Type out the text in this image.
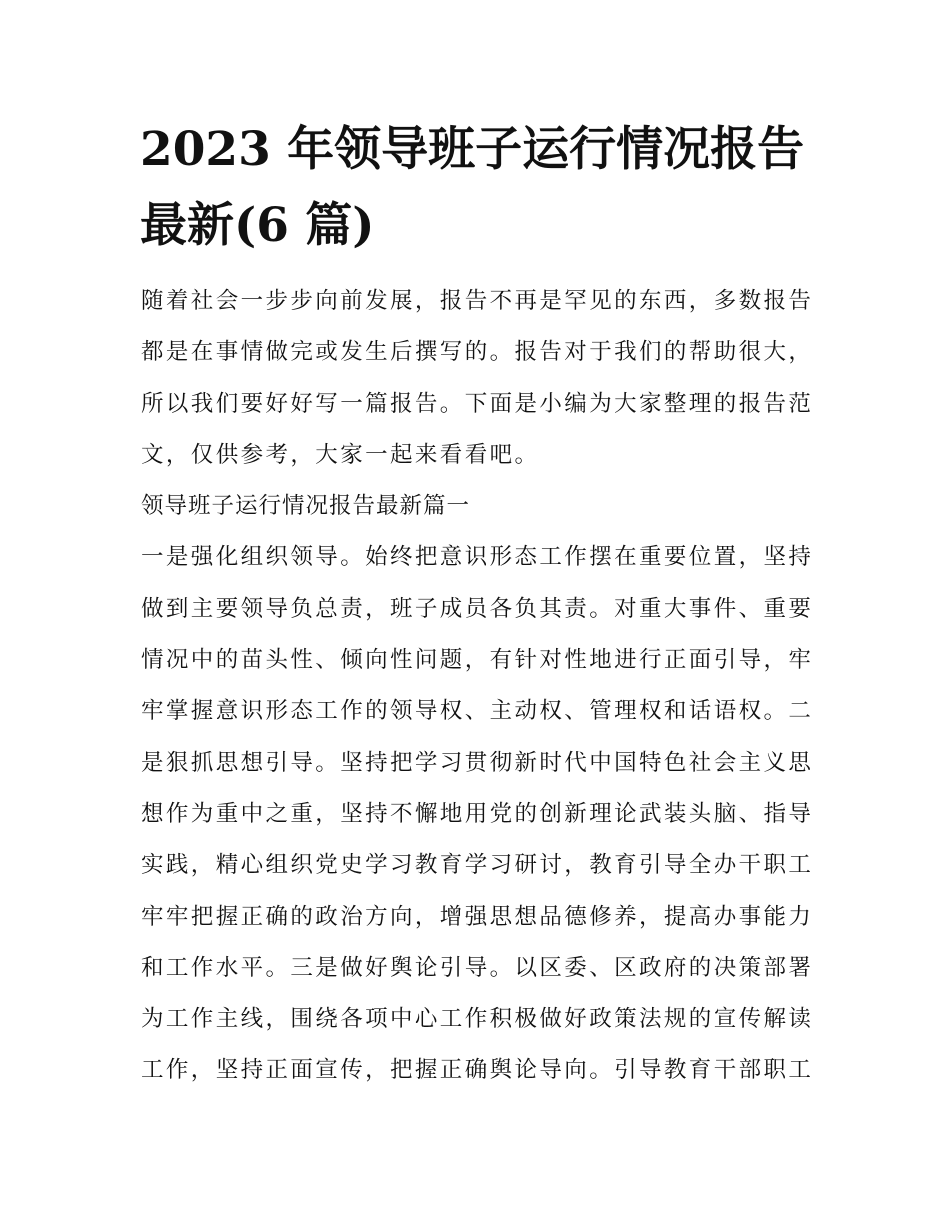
2023 年领导班子运行情况报告
最新(6 篇)
随着社会一步步向前发展，报告不再是罕见的东西，多数报告
都是在事情做完或发生后撰写的。报告对于我们的帮助很大，
所以我们要好好写一篇报告。下面是小编为大家整理的报告范
文，仅供参考，大家一起来看看吧。
领导班子运行情况报告最新篇一
一是强化组织领导。始终把意识形态工作摆在重要位置，坚持
做到主要领导负总责，班子成员各负其责。对重大事件、重要
情况中的苗头性、倾向性问题，有针对性地进行正面引导，牢
牢掌握意识形态工作的领导权、主动权、管理权和话语权。二
是狠抓思想引导。坚持把学习贯彻新时代中国特色社会主义思
想作为重中之重，坚持不懈地用党的创新理论武装头脑、指导
实践，精心组织党史学习教育学习研讨，教育引导全办干职工
牢牢把握正确的政治方向，增强思想品德修养，提高办事能力
和工作水平。三是做好舆论引导。以区委、区政府的决策部署
为工作主线，围绕各项中心工作积极做好政策法规的宣传解读
工作，坚持正面宣传，把握正确舆论导向。引导教育干部职工
